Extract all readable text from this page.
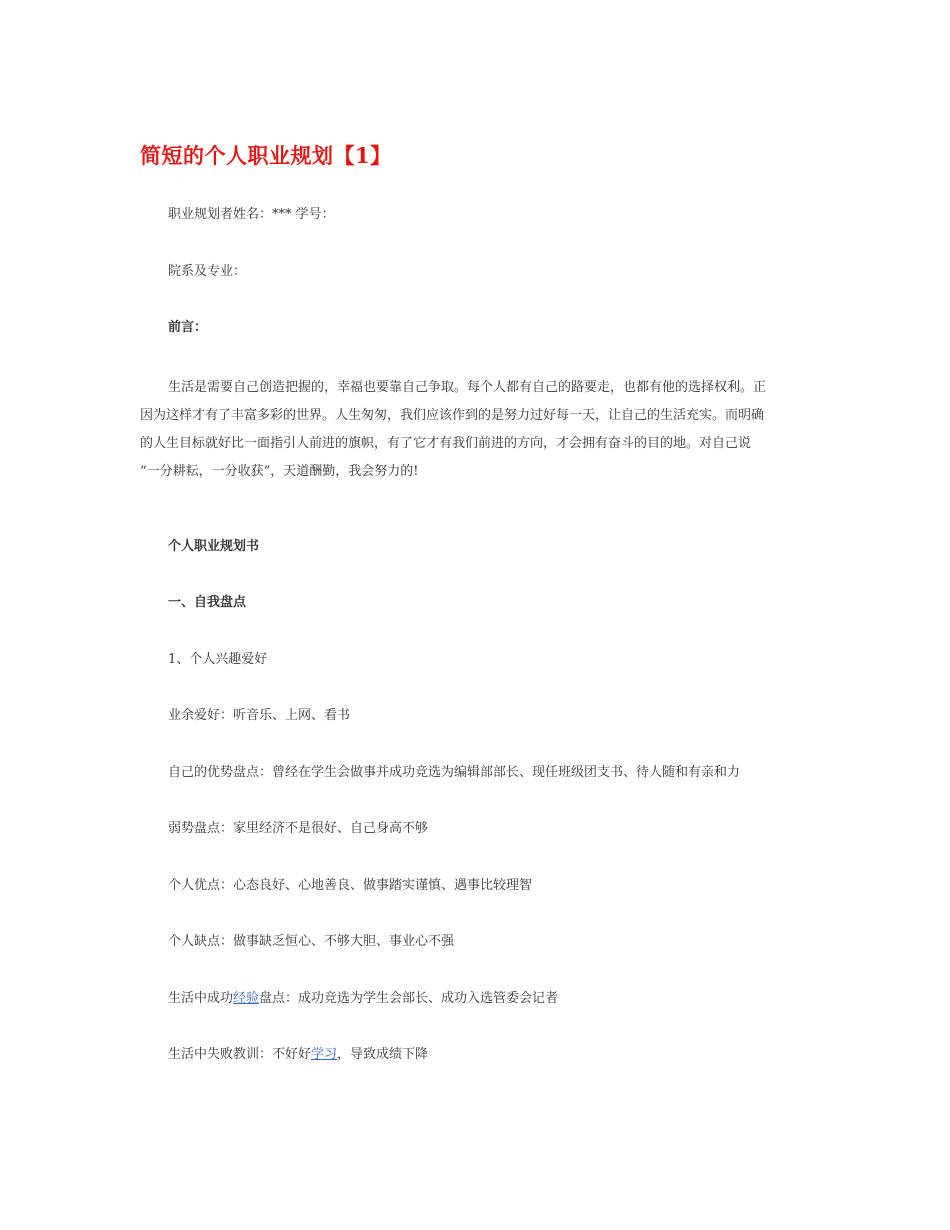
简短的个人职业规划【1】
职业规划者姓名：*** 学号：
院系及专业：
前言：
生活是需要自己创造把握的，幸福也要靠自己争取。每个人都有自己的路要走，也都有他的选择权利。正
因为这样才有了丰富多彩的世界。人生匆匆，我们应该作到的是努力过好每一天，让自己的生活充实。而明确
的人生目标就好比一面指引人前进的旗帜，有了它才有我们前进的方向，才会拥有奋斗的目的地。对自己说
“一分耕耘，一分收获”，天道酬勤，我会努力的!
个人职业规划书
一、自我盘点
1、个人兴趣爱好
业余爱好：听音乐、上网、看书
自己的优势盘点：曾经在学生会做事并成功竞选为编辑部部长、现任班级团支书、待人随和有亲和力
弱势盘点：家里经济不是很好、自己身高不够
个人优点：心态良好、心地善良、做事踏实谨慎、遇事比较理智
个人缺点：做事缺乏恒心、不够大胆、事业心不强
生活中成功经验盘点：成功竞选为学生会部长、成功入选管委会记者
生活中失败教训：不好好学习，导致成绩下降
